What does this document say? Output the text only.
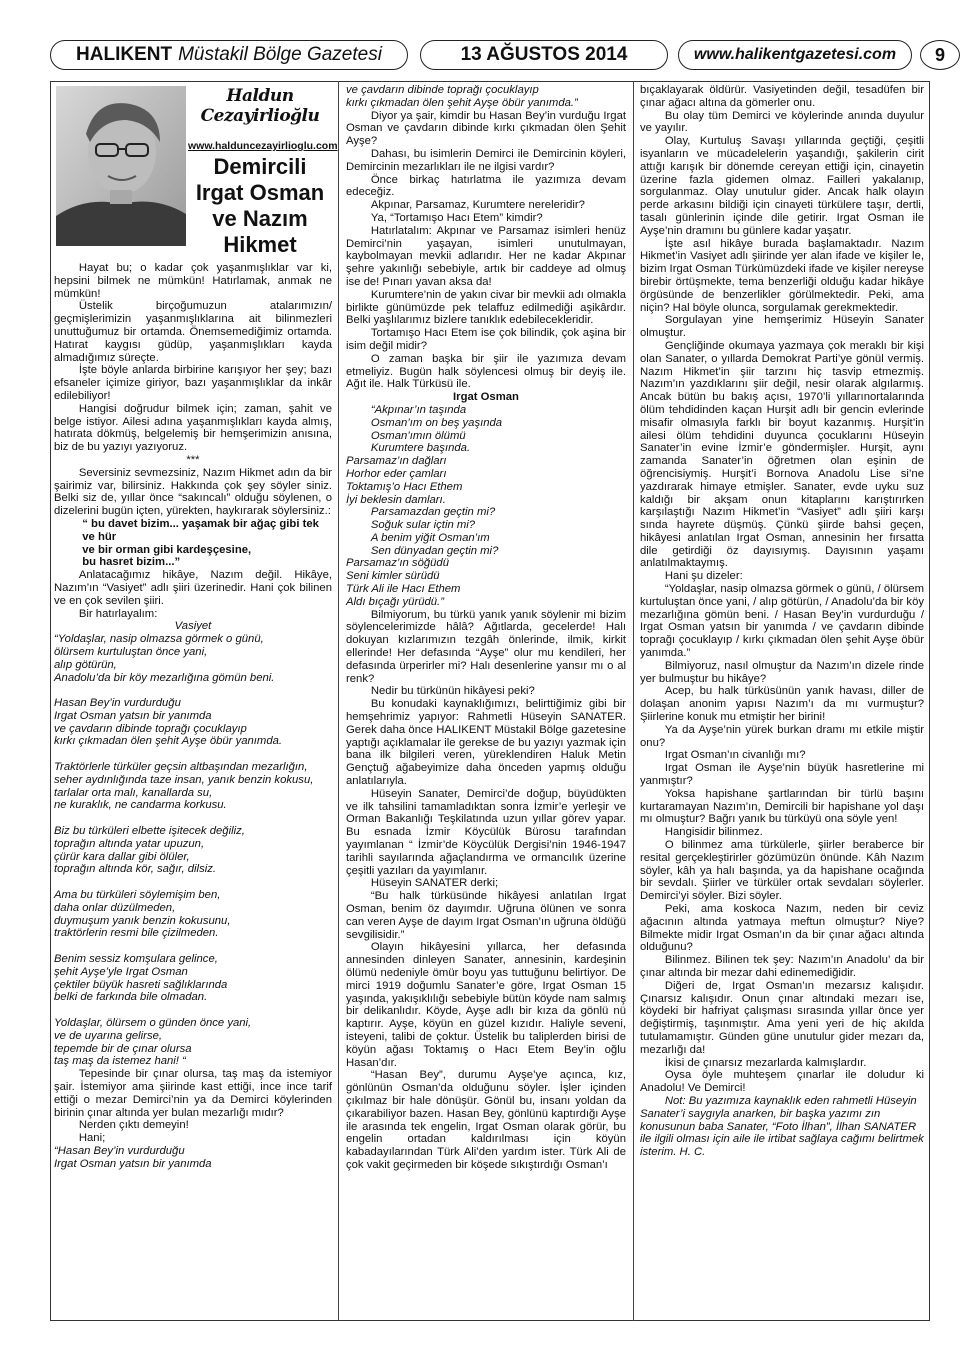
HALIKENT Müstakil Bölge Gazetesi	13 AĞUSTOS 2014	www.halikentgazetesi.com	9
Haldun Cezayirlioğlu
www.halduncezayirlioglu.com
Demircili Irgat Osman ve Nazım Hikmet

Hayat bu; o kadar çok yaşanmışlıklar var ki, hepsini bilmek ne mümkün! Hatırlamak, anmak ne mümkün!

Üstelik birçoğumuzun atalarımızın/ geçmişlerimizin yaşanmışlıklarına ait bilinmezleri unuttuğumuz bir ortamda. Önemsemediğimiz ortamda. Hatırat kaygısı güdüp, yaşanmışlıkları kayda almadığımız süreçte.

İşte böyle anlarda birbirine karışıyor her şey; bazı efsaneler içimize giriyor, bazı yaşanmışlıklar da inkâr edilebiliyor!

Hangisi doğrudur bilmek için; zaman, şahit ve belge istiyor. Ailesi adına yaşanmışlıkları kayda almış, hatırata dökmüş, belgelemiş bir hemşerimizin anısına, biz de bu yazıyı yazıyoruz.

***

Seversiniz sevmezsiniz, Nazım Hikmet adın da bir şairimiz var, bilirsiniz. Hakkında çok şey söyler siniz. Belki siz de, yıllar önce “sakıncalı” olduğu söylenen, o dizelerini bugün içten, yürekten, haykırarak söylersiniz.:

“ bu davet bizim... yaşamak bir ağaç gibi tek ve hür

ve bir orman gibi kardeşçesine,

bu hasret bizim...”

Anlatacağımız hikâye, Nazım değil. Hikâye, Nazım’ın “Vasiyet” adlı şiiri üzerinedir. Hani çok bilinen ve en çok sevilen şiiri.

Bir hatırlayalım:

Vasiyet

“Yoldaşlar, nasip olmazsa görmek o günü,

ölürsem kurtuluştan önce yani,

alıp götürün,

Anadolu’da bir köy mezarlığına gömün beni.

Hasan Bey’in vurdurduğu

Irgat Osman yatsın bir yanımda

ve çavdarın dibinde toprağı çocuklayıp

kırkı çıkmadan ölen şehit Ayşe öbür yanımda.

Traktörlerle türküler geçsin altbaşından mezarlığın,

seher aydınlığında taze insan, yanık benzin kokusu,

tarlalar orta malı, kanallarda su,

ne kuraklık, ne candarma korkusu.

Biz bu türküleri elbette işitecek değiliz,

toprağın altında yatar upuzun,

çürür kara dallar gibi ölüler,

toprağın altında kör, sağır, dilsiz.

Ama bu türküleri söylemişim ben,

daha onlar düzülmeden,

duymuşum yanık benzin kokusunu,

traktörlerin resmi bile çizilmeden.

Benim sessiz komşulara gelince,

şehit Ayşe’yle Irgat Osman

çektiler büyük hasreti sağlıklarında

belki de farkında bile olmadan.

Yoldaşlar, ölürsem o günden önce yani,

ve de uyarına gelirse,

tepemde bir de çınar olursa

taş maş da istemez hani! “

Tepesinde bir çınar olursa, taş maş da istemiyor şair. İstemiyor ama şiirinde kast ettiği, ince ince tarif ettiği o mezar Demirci’nin ya da Demirci köylerinden birinin çınar altında yer bulan mezarlığı mıdır?

Nerden çıktı demeyin!

Hani;

“Hasan Bey’in vurdurduğu

Irgat Osman yatsın bir yanımda

ve çavdarın dibinde toprağı çocuklayıp

kırkı çıkmadan ölen şehit Ayşe öbür yanımda.”

Diyor ya şair, kimdir bu Hasan Bey’in vurduğu Irgat Osman ve çavdarın dibinde kırkı çıkmadan ölen Şehit Ayşe?

Dahası, bu isimlerin Demirci ile Demircinin köyleri, Demircinin mezarlıkları ile ne ilgisi vardır?

Önce birkaç hatırlatma ile yazımıza devam edeceğiz.

Akpınar, Parsamaz, Kurumtere nereleridir?

Ya, “Tortamışo Hacı Etem” kimdir?

Hatırlatalım: Akpınar ve Parsamaz isimleri henüz Demirci’nin yaşayan, isimleri unutulmayan, kaybolmayan mevkii adlarıdır. Her ne kadar Akpınar şehre yakınlığı sebebiyle, artık bir caddeye ad olmuş ise de! Pınarı yavan aksa da!

Kurumtere’nin de yakın civar bir mevkii adı olmakla birlikte günümüzde pek telaffuz edilmediği aşikârdır. Belki yaşlılarımız bizlere tanıklık edebilecekleridir.

Tortamışo Hacı Etem ise çok bilindik, çok aşina bir isim değil midir?

O zaman başka bir şiir ile yazımıza devam etmeliyiz. Bugün halk söylencesi olmuş bir deyiş ile. Ağıt ile. Halk Türküsü ile.

Irgat Osman

“Akpınar’ın taşında

Osman’ım on beş yaşında

Osman’ımın ölümü

Kurumtere başında.

Parsamaz’ın dağları

Horhor eder çamları

Toktamış’o Hacı Ethem

İyi beklesin damları.

Parsamazdan geçtin mi?

Soğuk sular içtin mi?

A benim yiğit Osman’ım

Sen dünyadan geçtin mi?

Parsamaz’ın söğüdü

Seni kimler sürüdü

Türk Ali ile Hacı Ethem

Aldı bıçağı yürüdü.”

Bilmiyorum, bu türkü yanık yanık söylenir mi bizim söylencelerimizde hâlâ? Ağıtlarda, gecelerde! Halı dokuyan kızlarımızın tezgâh önlerinde, ilmik, kirkit ellerinde! Her defasında “Ayşe” olur mu kendileri, her defasında ürperirler mi? Halı desenlerine yansır mı o al renk?

Nedir bu türkünün hikâyesi peki?

Bu konudaki kaynaklığımızı, belirttiğimiz gibi bir hemşehrimiz yapıyor: Rahmetli Hüseyin SANATER. Gerek daha önce HALIKENT Müstakil Bölge gazetesine yaptığı açıklamalar ile gerekse de bu yazıyı yazmak için bana ilk bilgileri veren, yüreklendiren Haluk Metin Gençtuğ ağabeyimize daha önceden yapmış olduğu anlatılarıyla.

Hüseyin Sanater, Demirci’de doğup, büyüdükten ve ilk tahsilini tamamladıktan sonra İzmir’e yerleşir ve Orman Bakanlığı Teşkilatında uzun yıllar görev yapar. Bu esnada İzmir Köycülük Bürosu tarafından yayımlanan “ İzmir’de Köycülük Dergisi’nin 1946-1947 tarihli sayılarında ağaçlandırma ve ormancılık üzerine çeşitli yazıları da yayımlanır.

Hüseyin SANATER derki;

“Bu halk türküsünde hikâyesi anlatılan Irgat Osman, benim öz dayımdır. Uğruna ölünen ve sonra can veren Ayşe de dayım Irgat Osman’ın uğruna öldüğü sevgilisidir.”

Olayın hikâyesini yıllarca, her defasında annesinden dinleyen Sanater, annesinin, kardeşinin ölümü nedeniyle ömür boyu yas tuttuğunu belirtiyor. De mirci 1919 doğumlu Sanater’e göre, Irgat Osman 15 yaşında, yakışıklılığı sebebiyle bütün köyde nam salmış bir delikanlıdır. Köyde, Ayşe adlı bir kıza da gönlü nü kaptırır. Ayşe, köyün en güzel kızıdır. Haliyle seveni, isteyeni, talibi de çoktur. Üstelik bu taliplerden birisi de köyün ağası Toktamış o Hacı Etem Bey’in oğlu Hasan’dır.

“Hasan Bey”, durumu Ayşe’ye açınca, kız, gönlünün Osman’da olduğunu söyler. İşler içinden çıkılmaz bir hale dönüşür. Gönül bu, insanı yoldan da çıkarabiliyor bazen. Hasan Bey, gönlünü kaptırdığı Ayşe ile arasında tek engelin, Irgat Osman olarak görür, bu engelin ortadan kaldırılması için köyün kabadayılarından Türk Ali’den yardım ister. Türk Ali de çok vakit geçirmeden bir köşede sıkıştırdığı Osman’ı

bıçaklayarak öldürür. Vasiyetinden değil, tesadüfen bir çınar ağacı altına da gömerler onu.

Bu olay tüm Demirci ve köylerinde anında duyulur ve yayılır.

Olay, Kurtuluş Savaşı yıllarında geçtiği, çeşitli isyanların ve mücadelelerin yaşandığı, şakilerin cirit attığı karışık bir dönemde cereyan ettiği için, cinayetin üzerine fazla gidemen olmaz. Failleri yakalanıp, sorgulanmaz. Olay unutulur gider. Ancak halk olayın perde arkasını bildiği için cinayeti türkülere taşır, dertli, tasalı günlerinin içinde dile getirir. Irgat Osman ile Ayşe’nin dramını bu günlere kadar yaşatır.

İşte asıl hikâye burada başlamaktadır. Nazım Hikmet’in Vasiyet adlı şiirinde yer alan ifade ve kişiler le, bizim Irgat Osman Türkümüzdeki ifade ve kişiler nereyse birebir örtüşmekte, tema benzerliği olduğu kadar hikâye örgüsünde de benzerlikler görülmektedir. Peki, ama niçin? Hal böyle olunca, sorgulamak gerekmektedir.

Sorgulayan yine hemşerimiz Hüseyin Sanater olmuştur.

Gençliğinde okumaya yazmaya çok meraklı bir kişi olan Sanater, o yıllarda Demokrat Parti’ye gönül vermiş. Nazım Hikmet’in şiir tarzını hiç tasvip etmezmiş. Nazım’ın yazdıklarını şiir değil, nesir olarak algılarmış. Ancak bütün bu bakış açısı, 1970’li yıllarınortalarında ölüm tehdidinden kaçan Hurşit adlı bir gencin evlerinde misafir olmasıyla farklı bir boyut kazanmış. Hurşit’in ailesi ölüm tehdidini duyunca çocuklarını Hüseyin Sanater’in evine İzmir’e göndermişler. Hurşit, aynı zamanda Sanater’in öğretmen olan eşinin de öğrencisiymiş. Hurşit’i Bornova Anadolu Lise si’ne yazdırarak himaye etmişler. Sanater, evde uyku suz kaldığı bir akşam onun kitaplarını karıştırırken karşılaştığı Nazım Hikmet’in “Vasiyet” adlı şiiri karşı sında hayrete düşmüş. Çünkü şiirde bahsi geçen, hikâyesi anlatılan Irgat Osman, annesinin her fırsatta dile getirdiği öz dayısıymış. Dayısının yaşamı anlatılmaktaymış.

Hani şu dizeler:

“Yoldaşlar, nasip olmazsa görmek o günü, / ölürsem kurtuluştan önce yani, / alıp götürün, / Anadolu’da bir köy mezarlığına gömün beni. / Hasan Bey’in vurdurduğu / Irgat Osman yatsın bir yanımda / ve çavdarın dibinde toprağı çocuklayıp / kırkı çıkmadan ölen şehit Ayşe öbür yanımda.”

Bilmiyoruz, nasıl olmuştur da Nazım’ın dizele rinde yer bulmuştur bu hikâye?

Acep, bu halk türküsünün yanık havası, diller de dolaşan anonim yapısı Nazım’ı da mı vurmuştur? Şiirlerine konuk mu etmiştir her birini!

Ya da Ayşe’nin yürek burkan dramı mı etkile miştir onu?

Irgat Osman’ın civanlığı mı?

Irgat Osman ile Ayşe’nin büyük hasretlerine mi yanmıştır?

Yoksa hapishane şartlarından bir türlü başını kurtaramayan Nazım’ın, Demircili bir hapishane yol daşı mı olmuştur? Bağrı yanık bu türküyü ona söyle yen!

Hangisidir bilinmez.

O bilinmez ama türkülerle, şiirler beraberce bir resital gerçekleştirirler gözümüzün önünde. Kâh Nazım söyler, kâh ya halı başında, ya da hapishane ocağında bir sevdalı. Şiirler ve türküler ortak sevdaları söylerler. Demirci’yi söyler. Bizi söyler.

Peki, ama koskoca Nazım, neden bir ceviz ağacının altında yatmaya meftun olmuştur? Niye? Bilmekte midir Irgat Osman’ın da bir çınar ağacı altında olduğunu?

Bilinmez. Bilinen tek şey: Nazım’ın Anadolu’ da bir çınar altında bir mezar dahi edinemediğidir.

Diğeri de, Irgat Osman’ın mezarsız kalışıdır. Çınarsız kalışıdır. Onun çınar altındaki mezarı ise, köydeki bir hafriyat çalışması sırasında yıllar önce yer değiştirmiş, taşınmıştır. Ama yeni yeri de hiç akılda tutulamamıştır. Günden güne unutulur gider mezarı da, mezarlığı da!

İkisi de çınarsız mezarlarda kalmışlardır.

Oysa öyle muhteşem çınarlar ile doludur ki Anadolu! Ve Demirci!

Not: Bu yazımıza kaynaklık eden rahmetli Hüseyin Sanater’i saygıyla anarken, bir başka yazımı zın konusunun baba Sanater, “Foto İlhan”, İlhan SANATER ile ilgili olması için aile ile irtibat sağlaya cağımı belirtmek isterim. H. C.
